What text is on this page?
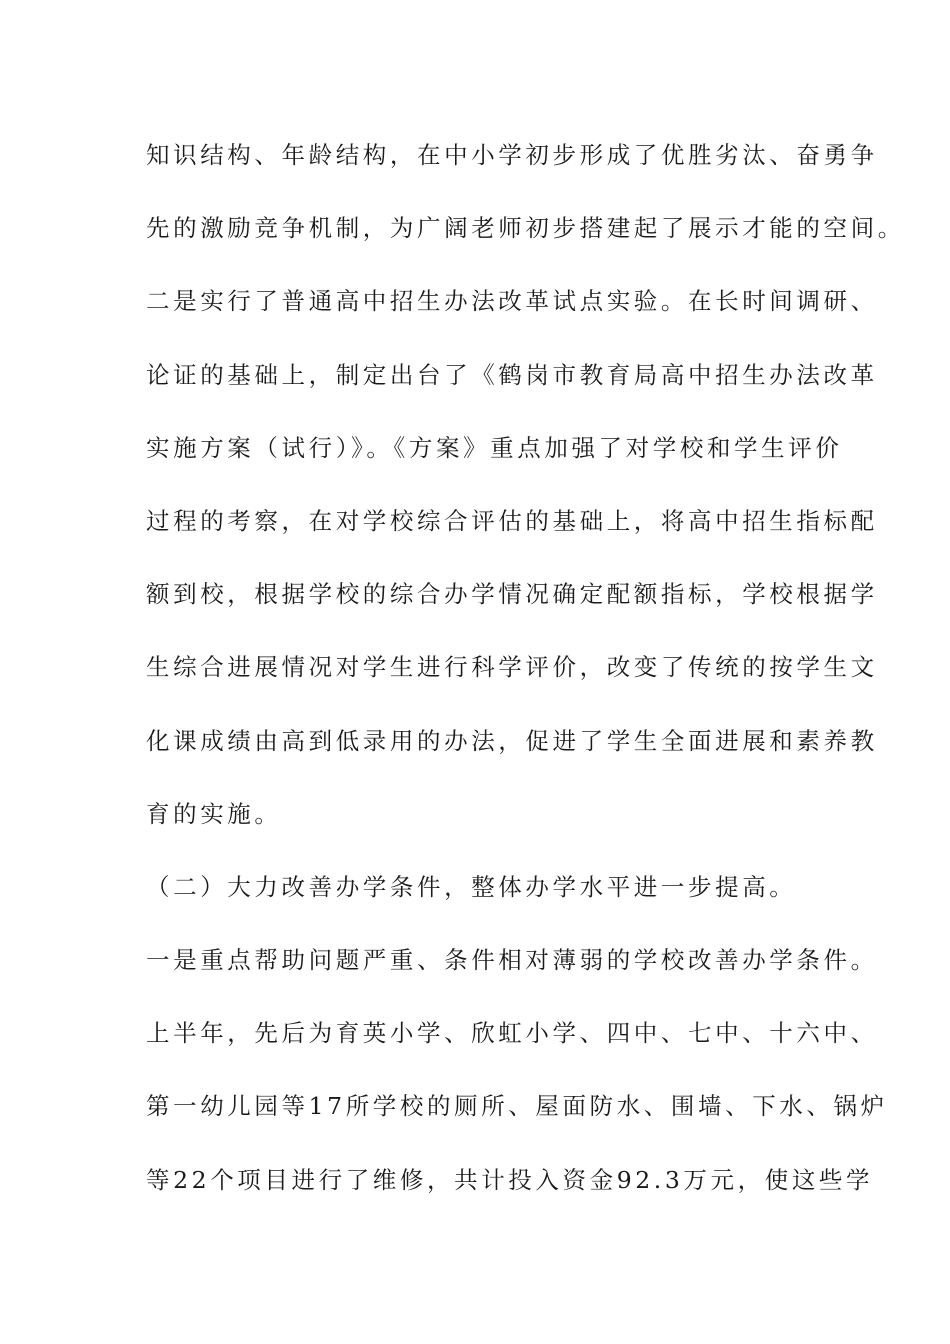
知识结构、年龄结构，在中小学初步形成了优胜劣汰、奋勇争
先的激励竞争机制，为广阔老师初步搭建起了展示才能的空间。
二是实行了普通高中招生办法改革试点实验。在长时间调研、
论证的基础上，制定出台了《鹤岗市教育局高中招生办法改革
实施方案（试行）》。《方案》重点加强了对学校和学生评价
过程的考察，在对学校综合评估的基础上，将高中招生指标配
额到校，根据学校的综合办学情况确定配额指标，学校根据学
生综合进展情况对学生进行科学评价，改变了传统的按学生文
化课成绩由高到低录用的办法，促进了学生全面进展和素养教
育的实施。
（二）大力改善办学条件，整体办学水平进一步提高。
一是重点帮助问题严重、条件相对薄弱的学校改善办学条件。
上半年，先后为育英小学、欣虹小学、四中、七中、十六中、
第一幼儿园等17所学校的厕所、屋面防水、围墙、下水、锅炉
等22个项目进行了维修，共计投入资金92.3万元，使这些学
